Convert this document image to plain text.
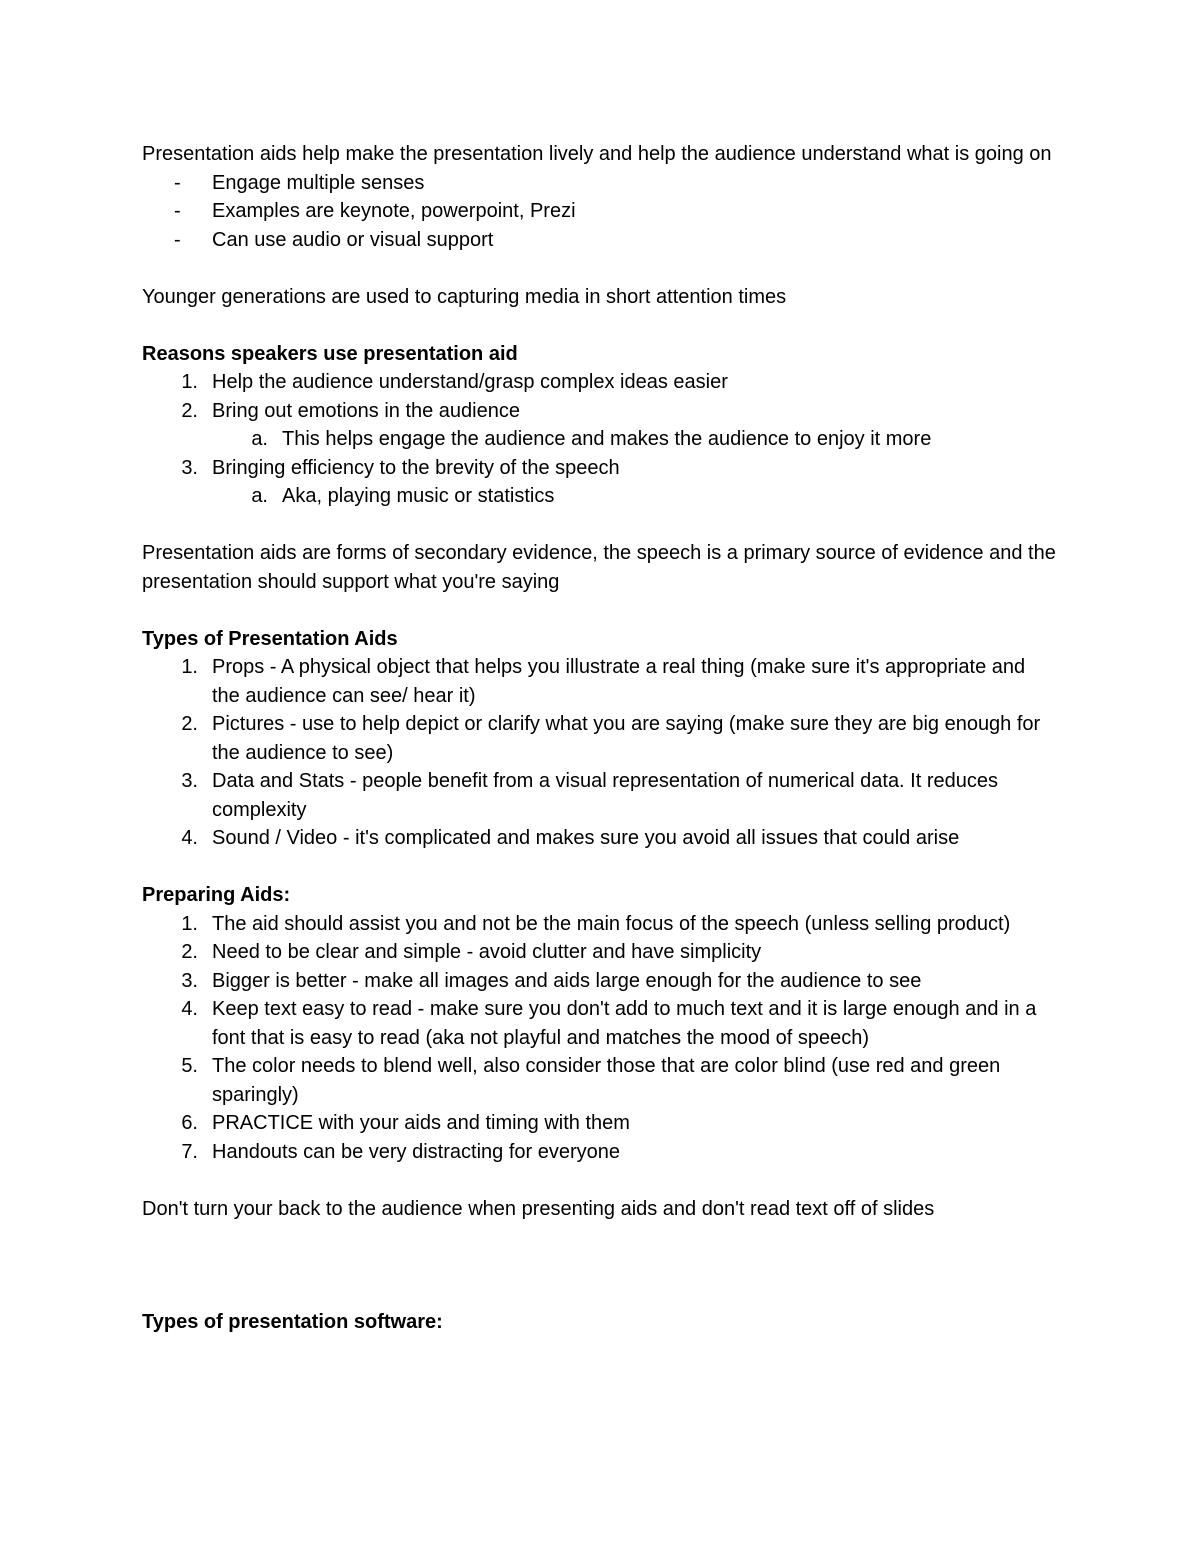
Presentation aids help make the presentation lively and help the audience understand what is going on

-	Engage multiple senses
-	Examples are keynote, powerpoint, Prezi
-	Can use audio or visual support

Younger generations are used to capturing media in short attention times

Reasons speakers use presentation aid

1. Help the audience understand/grasp complex ideas easier
2. Bring out emotions in the audience
a. This helps engage the audience and makes the audience to enjoy it more
3. Bringing efficiency to the brevity of the speech
a. Aka, playing music or statistics

Presentation aids are forms of secondary evidence, the speech is a primary source of evidence and the presentation should support what you're saying

Types of Presentation Aids

1. Props - A physical object that helps you illustrate a real thing (make sure it's appropriate and the audience can see/ hear it)
2. Pictures - use to help depict or clarify what you are saying (make sure they are big enough for the audience to see)
3. Data and Stats - people benefit from a visual representation of numerical data. It reduces complexity
4. Sound / Video - it's complicated and makes sure you avoid all issues that could arise

Preparing Aids:

1. The aid should assist you and not be the main focus of the speech (unless selling product)
2. Need to be clear and simple - avoid clutter and have simplicity
3. Bigger is better - make all images and aids large enough for the audience to see
4. Keep text easy to read - make sure you don't add to much text and it is large enough and in a font that is easy to read (aka not playful and matches the mood of speech)
5. The color needs to blend well, also consider those that are color blind (use red and green sparingly)
6. PRACTICE with your aids and timing with them
7. Handouts can be very distracting for everyone

Don't turn your back to the audience when presenting aids and don't read text off of slides

Types of presentation software:
